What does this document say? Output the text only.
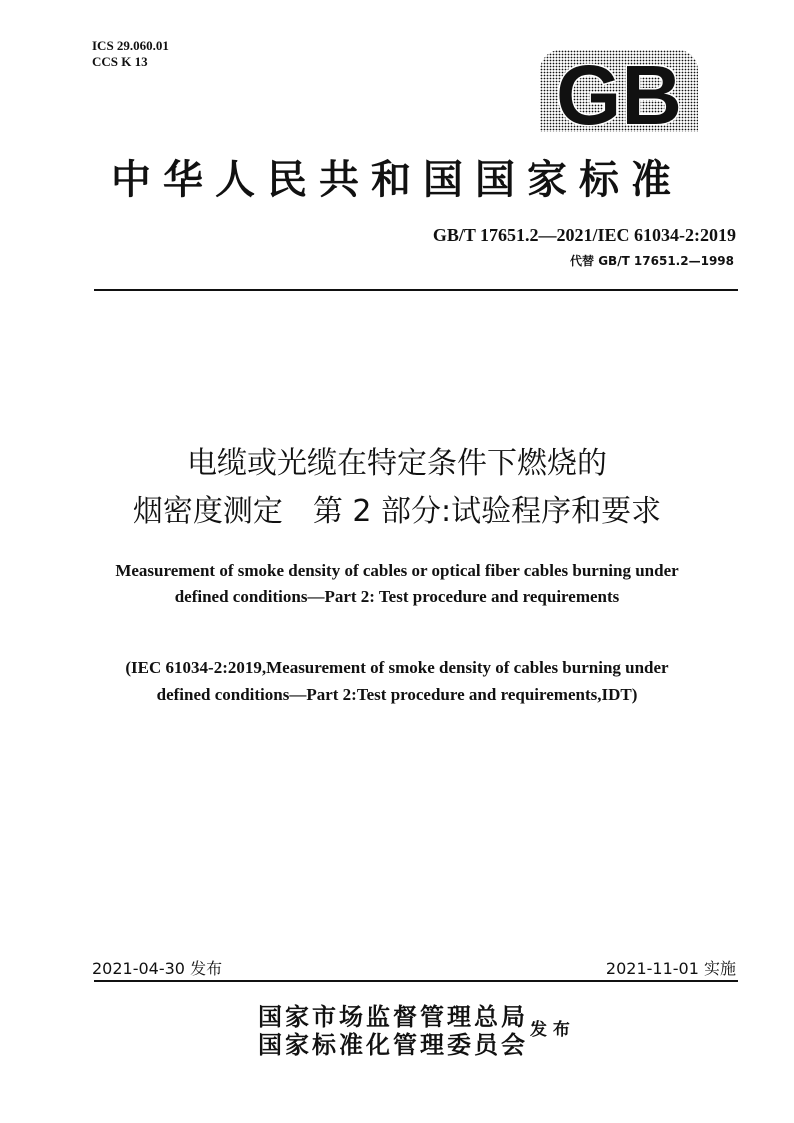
ICS 29.060.01
CCS K 13	GB
中华人民共和国国家标准
GB/T 17651.2—2021/IEC 61034-2:2019
代替 GB/T 17651.2—1998
电缆或光缆在特定条件下燃烧的
烟密度测定　第 2 部分:试验程序和要求
Measurement of smoke density of cables or optical fiber cables burning under
defined conditions—Part 2: Test procedure and requirements
(IEC 61034-2:2019,Measurement of smoke density of cables burning under
defined conditions—Part 2:Test procedure and requirements,IDT)
2021-04-30 发布	2021-11-01 实施
国家市场监督管理总局
国家标准化管理委员会 发 布
